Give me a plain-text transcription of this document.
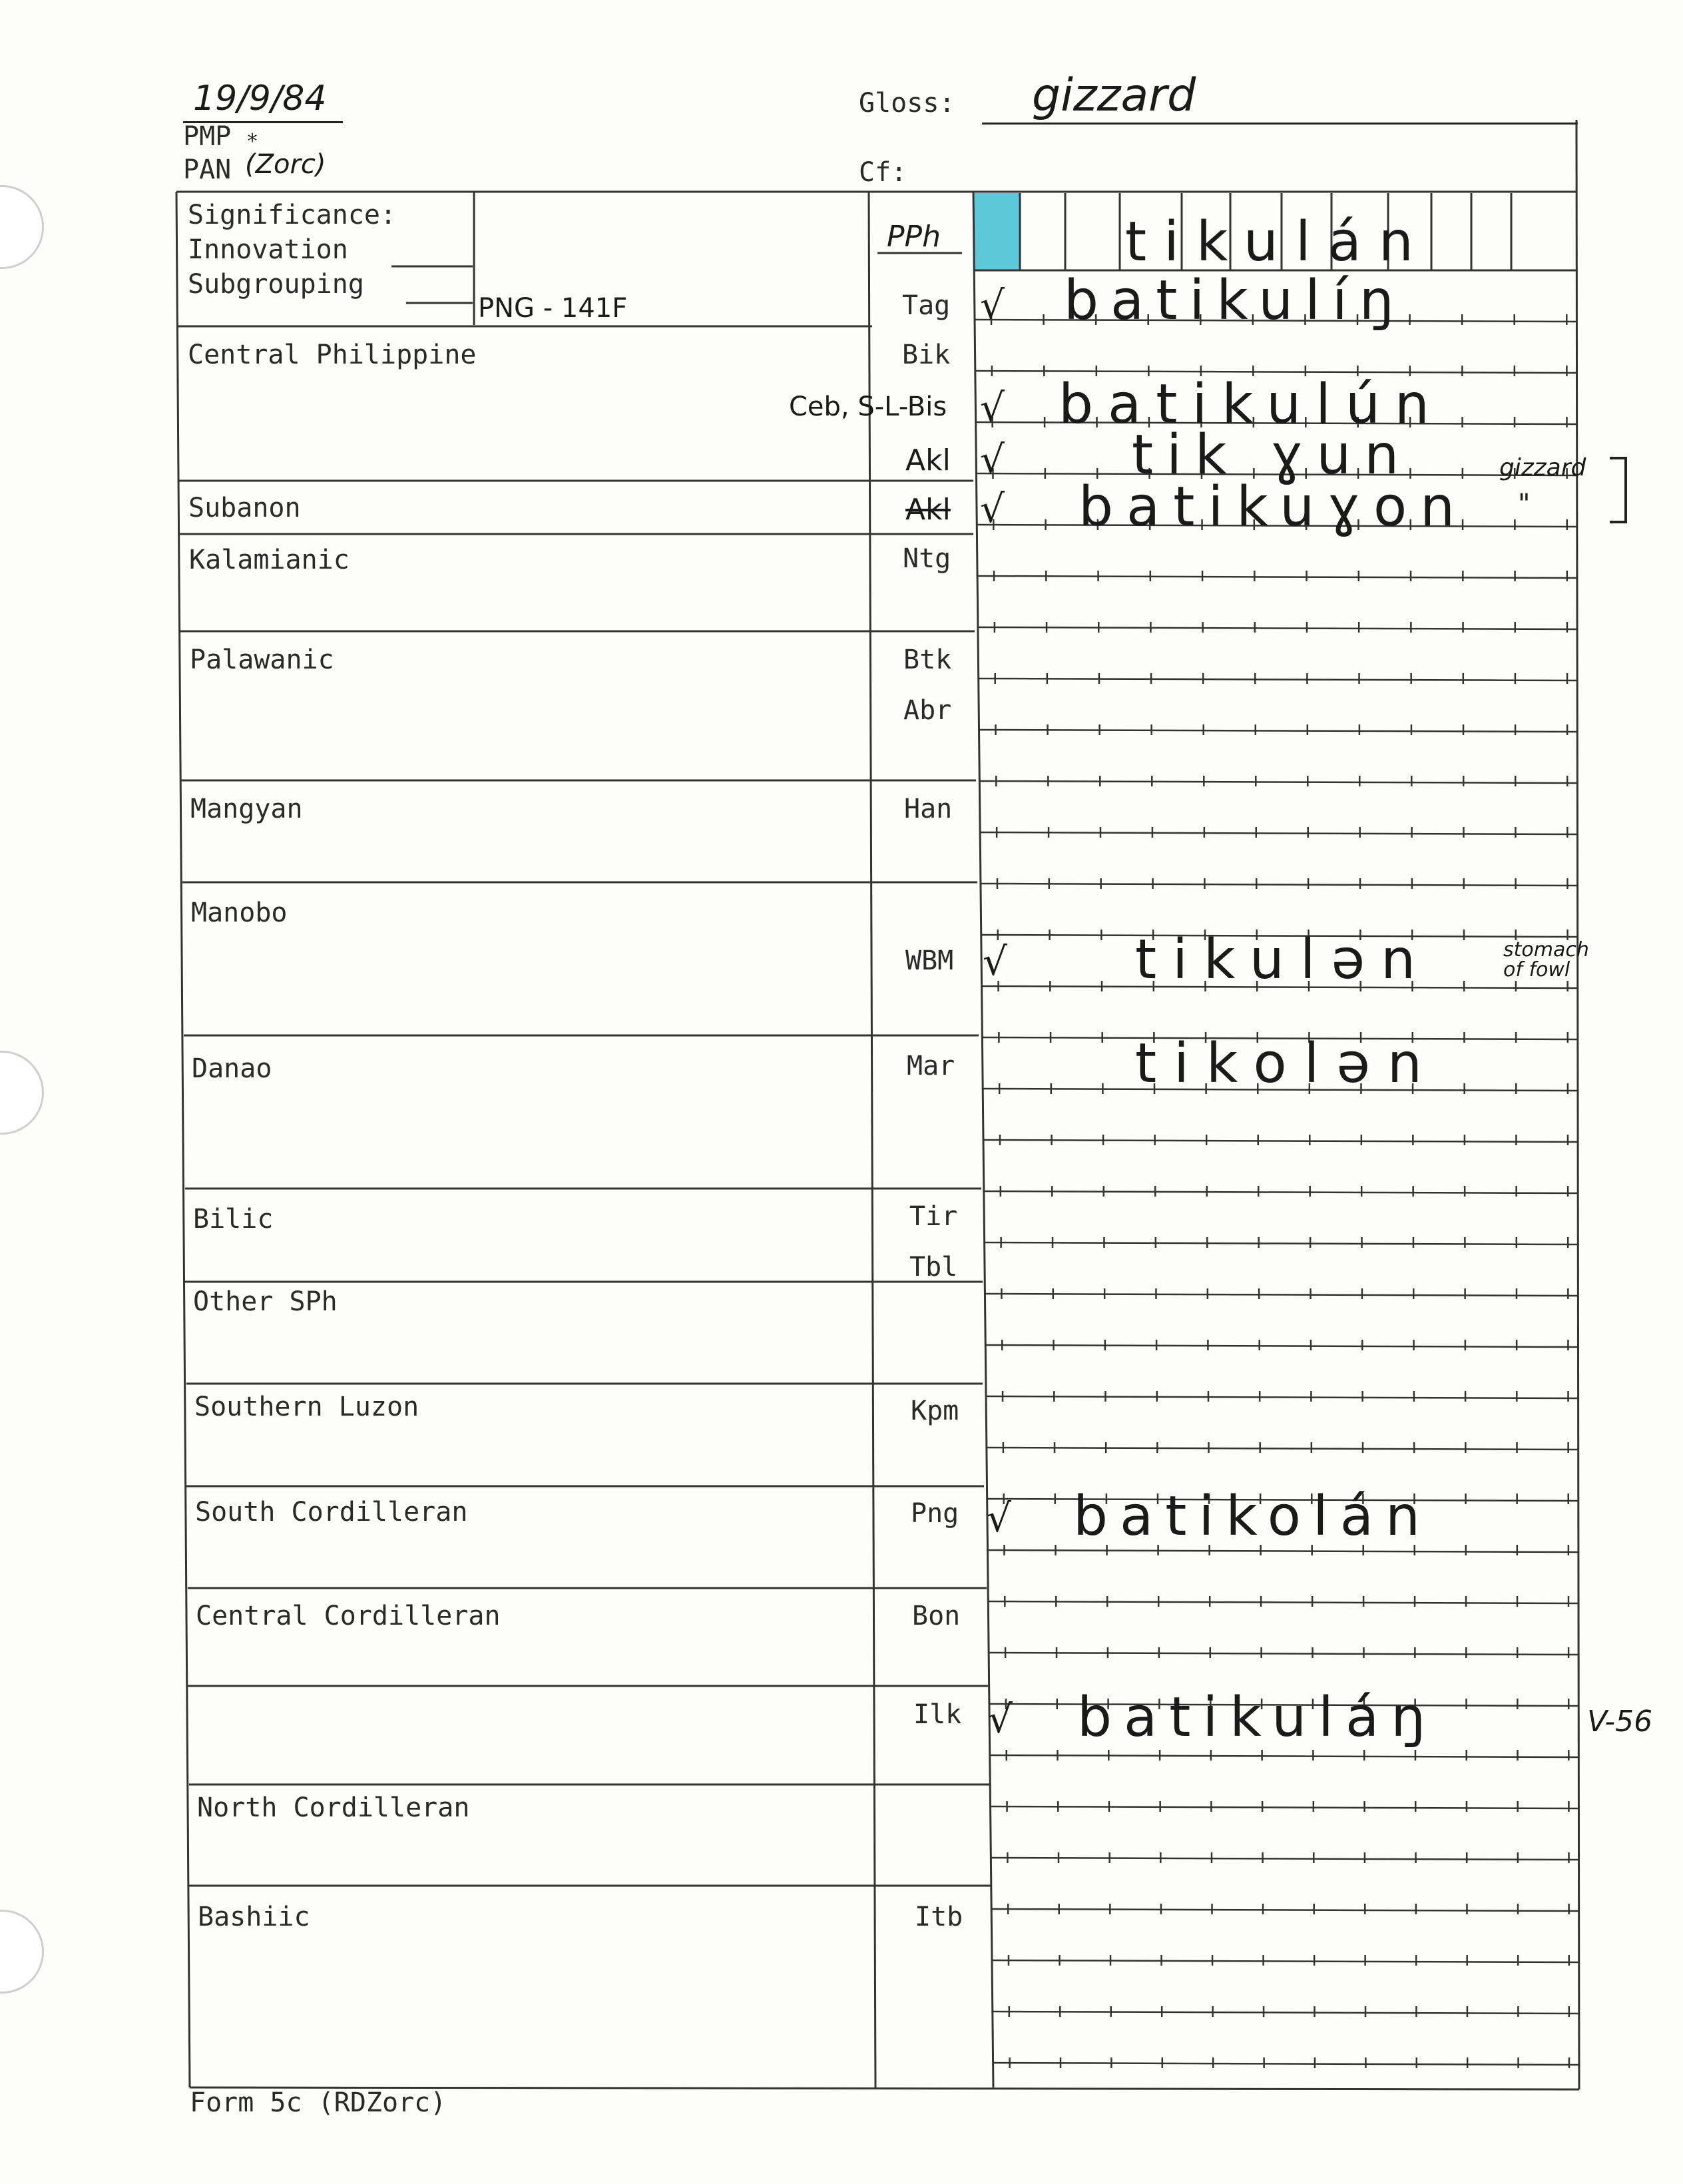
19/9/84
PMP *
PAN (Zorc)
Gloss: gizzard
Cf:
Significance:
Innovation
Subgrouping
PNG - 141F
Central Philippine
Subanon
Kalamianic
Palawanic
Mangyan
Manobo
Danao
Bilic
Other SPh
Southern Luzon
South Cordilleran
Central Cordilleran
North Cordilleran
Bashiic
PPh
Tag
Bik
Ceb, S-L-Bis
Akl
Akl
Ntg
Btk
Abr
Han
WBM
Mar
Tir
Tbl
Kpm
Png
Bon
Ilk
Itb
√
√
√
√
√
√
√
tikulán
batikulíŋ
batikulún
tik ɣun
batikuɣon
tikulən
tikolən
batikolán
batikuláŋ
gizzard
"
stomach of fowl
V-56
Form 5c (RDZorc)
